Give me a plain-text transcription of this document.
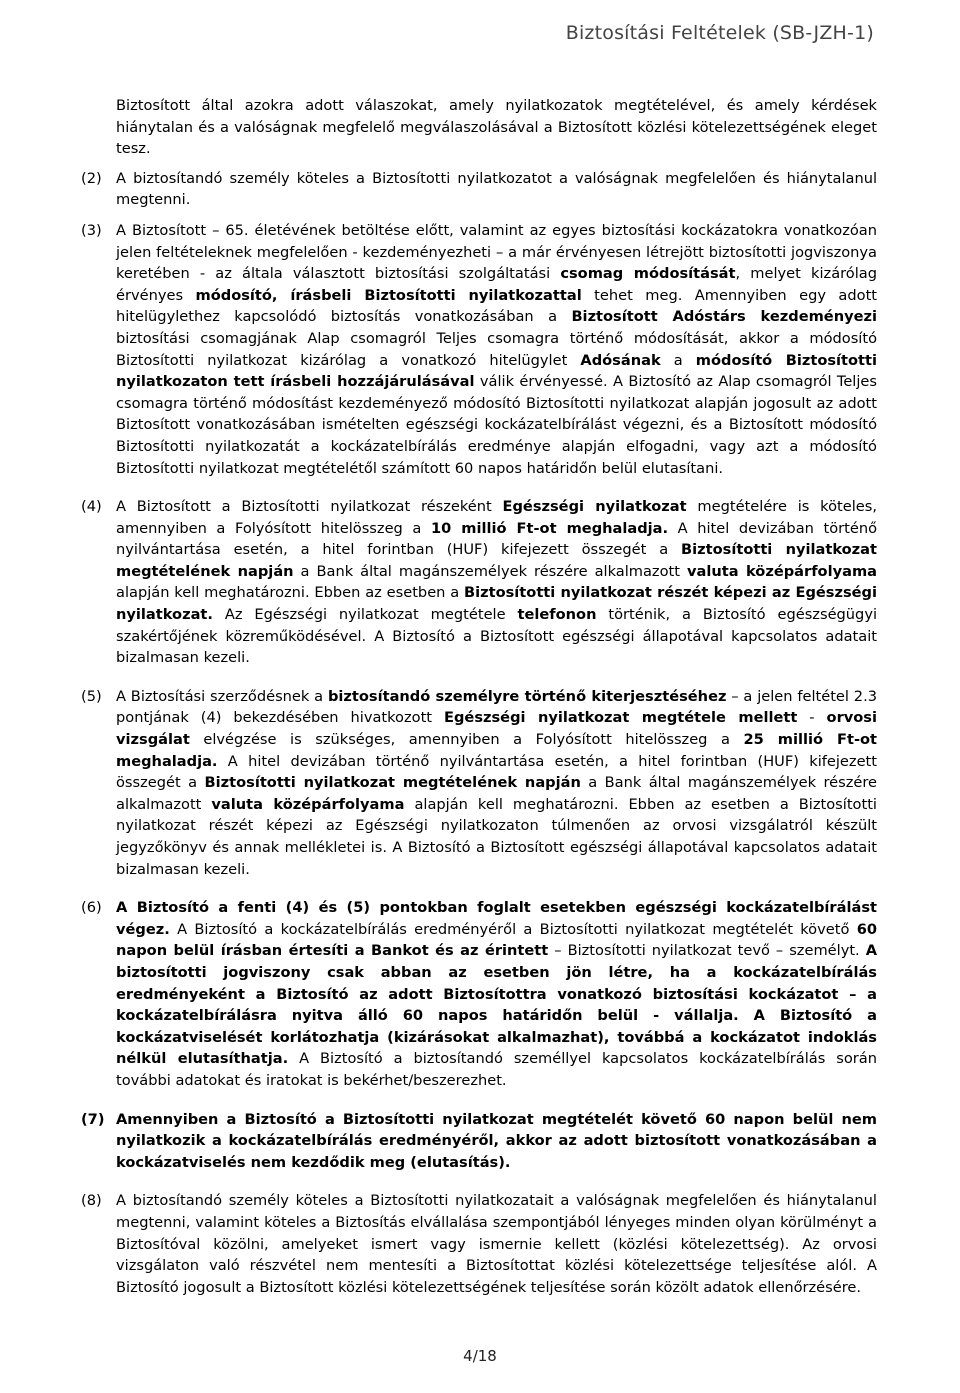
Biztosítási Feltételek (SB-JZH-1)
Biztosított által azokra adott válaszokat, amely nyilatkozatok megtételével, és amely kérdések hiánytalan és a valóságnak megfelelő megválaszolásával a Biztosított közlési kötelezettségének eleget tesz.
(2) A biztosítandó személy köteles a Biztosítotti nyilatkozatot a valóságnak megfelelően és hiánytalanul megtenni.
(3) A Biztosított – 65. életévének betöltése előtt, valamint az egyes biztosítási kockázatokra vonatkozóan jelen feltételeknek megfelelően - kezdeményezheti – a már érvényesen létrejött biztosítotti jogviszonya keretében - az általa választott biztosítási szolgáltatási csomag módosítását, melyet kizárólag érvényes módosító, írásbeli Biztosítotti nyilatkozattal tehet meg. Amennyiben egy adott hitelügylethez kapcsolódó biztosítás vonatkozásában a Biztosított Adóstárs kezdeményezi biztosítási csomagjának Alap csomagról Teljes csomagra történő módosítását, akkor a módosító Biztosítotti nyilatkozat kizárólag a vonatkozó hitelügylet Adósának a módosító Biztosítotti nyilatkozaton tett írásbeli hozzájárulásával válik érvényessé. A Biztosító az Alap csomagról Teljes csomagra történő módosítást kezdeményező módosító Biztosítotti nyilatkozat alapján jogosult az adott Biztosított vonatkozásában ismételten egészségi kockázatelbírálást végezni, és a Biztosított módosító Biztosítotti nyilatkozatát a kockázatelbírálás eredménye alapján elfogadni, vagy azt a módosító Biztosítotti nyilatkozat megtételétől számított 60 napos határidőn belül elutasítani.
(4) A Biztosított a Biztosítotti nyilatkozat részeként Egészségi nyilatkozat megtételére is köteles, amennyiben a Folyósított hitelösszeg a 10 millió Ft-ot meghaladja. A hitel devizában történő nyilvántartása esetén, a hitel forintban (HUF) kifejezett összegét a Biztosítotti nyilatkozat megtételének napján a Bank által magánszemélyek részére alkalmazott valuta középárfolyama alapján kell meghatározni. Ebben az esetben a Biztosítotti nyilatkozat részét képezi az Egészségi nyilatkozat. Az Egészségi nyilatkozat megtétele telefonon történik, a Biztosító egészségügyi szakértőjének közreműködésével. A Biztosító a Biztosított egészségi állapotával kapcsolatos adatait bizalmasan kezeli.
(5) A Biztosítási szerződésnek a biztosítandó személyre történő kiterjesztéséhez – a jelen feltétel 2.3 pontjának (4) bekezdésében hivatkozott Egészségi nyilatkozat megtétele mellett - orvosi vizsgálat elvégzése is szükséges, amennyiben a Folyósított hitelösszeg a 25 millió Ft-ot meghaladja. A hitel devizában történő nyilvántartása esetén, a hitel forintban (HUF) kifejezett összegét a Biztosítotti nyilatkozat megtételének napján a Bank által magánszemélyek részére alkalmazott valuta középárfolyama alapján kell meghatározni. Ebben az esetben a Biztosítotti nyilatkozat részét képezi az Egészségi nyilatkozaton túlmenően az orvosi vizsgálatról készült jegyzőkönyv és annak mellékletei is. A Biztosító a Biztosított egészségi állapotával kapcsolatos adatait bizalmasan kezeli.
(6) A Biztosító a fenti (4) és (5) pontokban foglalt esetekben egészségi kockázatelbírálást végez. A Biztosító a kockázatelbírálás eredményéről a Biztosítotti nyilatkozat megtételét követő 60 napon belül írásban értesíti a Bankot és az érintett – Biztosítotti nyilatkozat tevő – személyt. A biztosítotti jogviszony csak abban az esetben jön létre, ha a kockázatelbírálás eredményeként a Biztosító az adott Biztosítottra vonatkozó biztosítási kockázatot – a kockázatelbírálásra nyitva álló 60 napos határidőn belül - vállalja. A Biztosító a kockázatviselését korlátozhatja (kizárásokat alkalmazhat), továbbá a kockázatot indoklás nélkül elutasíthatja. A Biztosító a biztosítandó személlyel kapcsolatos kockázatelbírálás során további adatokat és iratokat is bekérhet/beszerezhet.
(7) Amennyiben a Biztosító a Biztosítotti nyilatkozat megtételét követő 60 napon belül nem nyilatkozik a kockázatelbírálás eredményéről, akkor az adott biztosított vonatkozásában a kockázatviselés nem kezdődik meg (elutasítás).
(8) A biztosítandó személy köteles a Biztosítotti nyilatkozatait a valóságnak megfelelően és hiánytalanul megtenni, valamint köteles a Biztosítás elvállalása szempontjából lényeges minden olyan körülményt a Biztosítóval közölni, amelyeket ismert vagy ismernie kellett (közlési kötelezettség). Az orvosi vizsgálaton való részvétel nem mentesíti a Biztosítottat közlési kötelezettsége teljesítése alól. A Biztosító jogosult a Biztosított közlési kötelezettségének teljesítése során közölt adatok ellenőrzésére.
4/18
